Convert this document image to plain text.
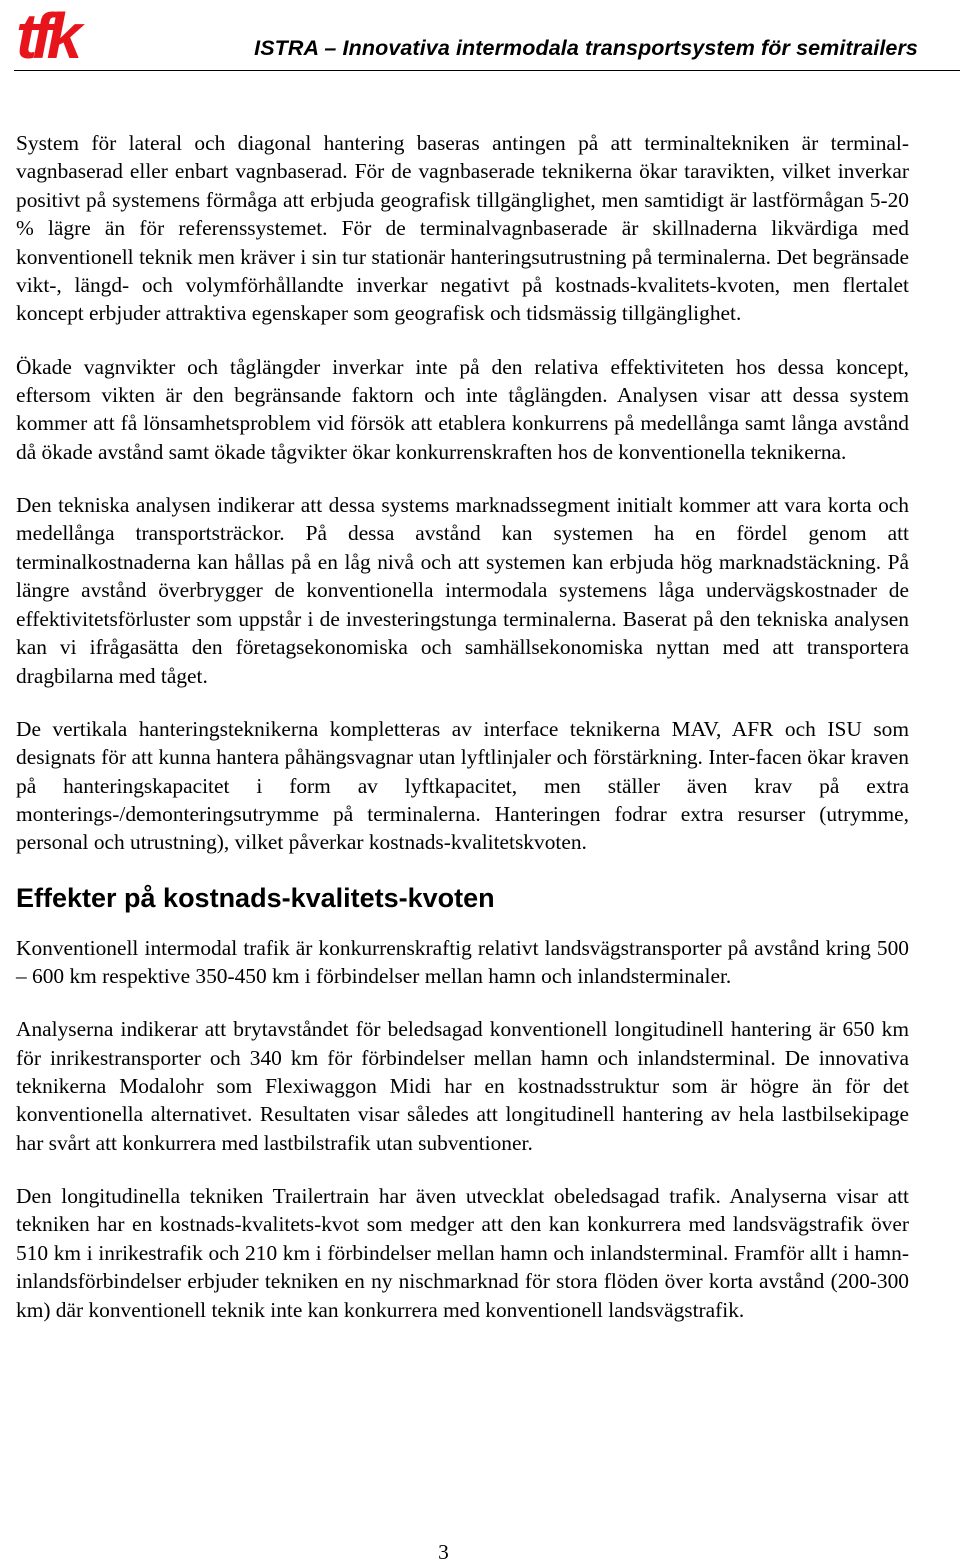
tfk	ISTRA – Innovativa intermodala transportsystem för semitrailers

System för lateral och diagonal hantering baseras antingen på att terminaltekniken är terminal-vagnbaserad eller enbart vagnbaserad. För de vagnbaserade teknikerna ökar taravikten, vilket inverkar positivt på systemens förmåga att erbjuda geografisk tillgänglighet, men samtidigt är lastförmågan 5-20 % lägre än för referenssystemet. För de terminalvagnbaserade är skillnaderna likvärdiga med konventionell teknik men kräver i sin tur stationär hanteringsutrustning på terminalerna. Det begränsade vikt-, längd- och volymförhållandte inverkar negativt på kostnads-kvalitets-kvoten, men flertalet koncept erbjuder attraktiva egenskaper som geografisk och tidsmässig tillgänglighet.

Ökade vagnvikter och tåglängder inverkar inte på den relativa effektiviteten hos dessa koncept, eftersom vikten är den begränsande faktorn och inte tåglängden. Analysen visar att dessa system kommer att få lönsamhetsproblem vid försök att etablera konkurrens på medellånga samt långa avstånd då ökade avstånd samt ökade tågvikter ökar konkurrenskraften hos de konventionella teknikerna.

Den tekniska analysen indikerar att dessa systems marknadssegment initialt kommer att vara korta och medellånga transportsträckor. På dessa avstånd kan systemen ha en fördel genom att terminalkostnaderna kan hållas på en låg nivå och att systemen kan erbjuda hög marknadstäckning. På längre avstånd överbrygger de konventionella intermodala systemens låga undervägskostnader de effektivitetsförluster som uppstår i de investeringstunga terminalerna. Baserat på den tekniska analysen kan vi ifrågasätta den företagsekonomiska och samhällsekonomiska nyttan med att transportera dragbilarna med tåget.

De vertikala hanteringsteknikerna kompletteras av interface teknikerna MAV, AFR och ISU som designats för att kunna hantera påhängsvagnar utan lyftlinjaler och förstärkning. Inter-facen ökar kraven på hanteringskapacitet i form av lyftkapacitet, men ställer även krav på extra monterings-/demonteringsutrymme på terminalerna. Hanteringen fodrar extra resurser (utrymme, personal och utrustning), vilket påverkar kostnads-kvalitetskvoten.

Effekter på kostnads-kvalitets-kvoten

Konventionell intermodal trafik är konkurrenskraftig relativt landsvägstransporter på avstånd kring 500 – 600 km respektive 350-450 km i förbindelser mellan hamn och inlandsterminaler.

Analyserna indikerar att brytavståndet för beledsagad konventionell longitudinell hantering är 650 km för inrikestransporter och 340 km för förbindelser mellan hamn och inlandsterminal. De innovativa teknikerna Modalohr som Flexiwaggon Midi har en kostnadsstruktur som är högre än för det konventionella alternativet. Resultaten visar således att longitudinell hantering av hela lastbilsekipage har svårt att konkurrera med lastbilstrafik utan subventioner.

Den longitudinella tekniken Trailertrain har även utvecklat obeledsagad trafik. Analyserna visar att tekniken har en kostnads-kvalitets-kvot som medger att den kan konkurrera med landsvägstrafik över 510 km i inrikestrafik och 210 km i förbindelser mellan hamn och inlandsterminal. Framför allt i hamn-inlandsförbindelser erbjuder tekniken en ny nischmarknad för stora flöden över korta avstånd (200-300 km) där konventionell teknik inte kan konkurrera med konventionell landsvägstrafik.

3
